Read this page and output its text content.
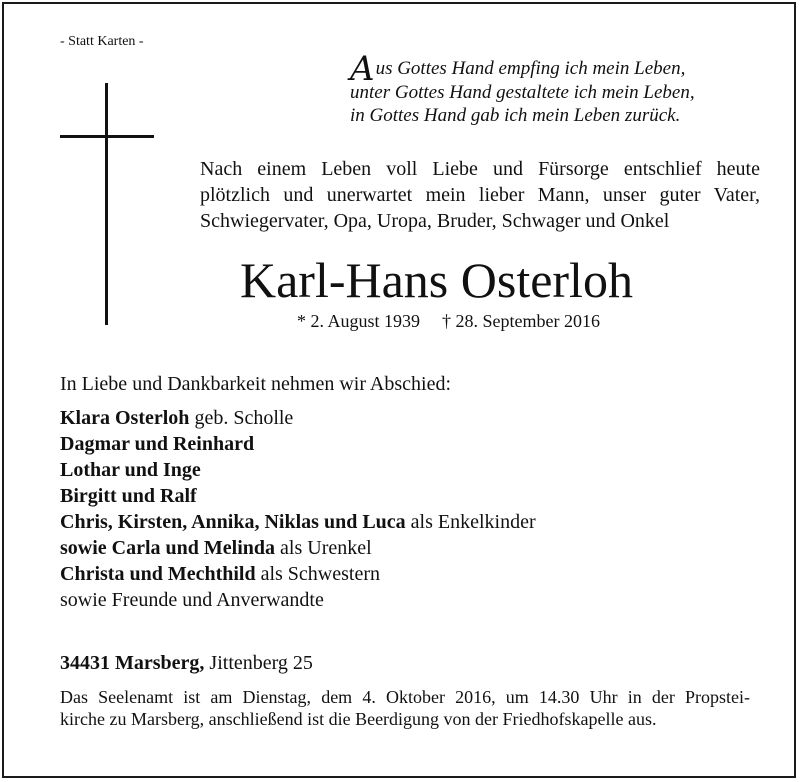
- Statt Karten -
Aus Gottes Hand empfing ich mein Leben,
unter Gottes Hand gestaltete ich mein Leben,
in Gottes Hand gab ich mein Leben zurück.
Nach einem Leben voll Liebe und Fürsorge entschlief heute
plötzlich und unerwartet mein lieber Mann, unser guter Vater,
Schwiegervater, Opa, Uropa, Bruder, Schwager und Onkel
Karl-Hans Osterloh
* 2. August 1939 † 28. September 2016
In Liebe und Dankbarkeit nehmen wir Abschied:
Klara Osterloh geb. Scholle
Dagmar und Reinhard
Lothar und Inge
Birgitt und Ralf
Chris, Kirsten, Annika, Niklas und Luca als Enkelkinder
sowie Carla und Melinda als Urenkel
Christa und Mechthild als Schwestern
sowie Freunde und Anverwandte
34431 Marsberg, Jittenberg 25
Das Seelenamt ist am Dienstag, dem 4. Oktober 2016, um 14.30 Uhr in der Propstei-
kirche zu Marsberg, anschließend ist die Beerdigung von der Friedhofskapelle aus.
